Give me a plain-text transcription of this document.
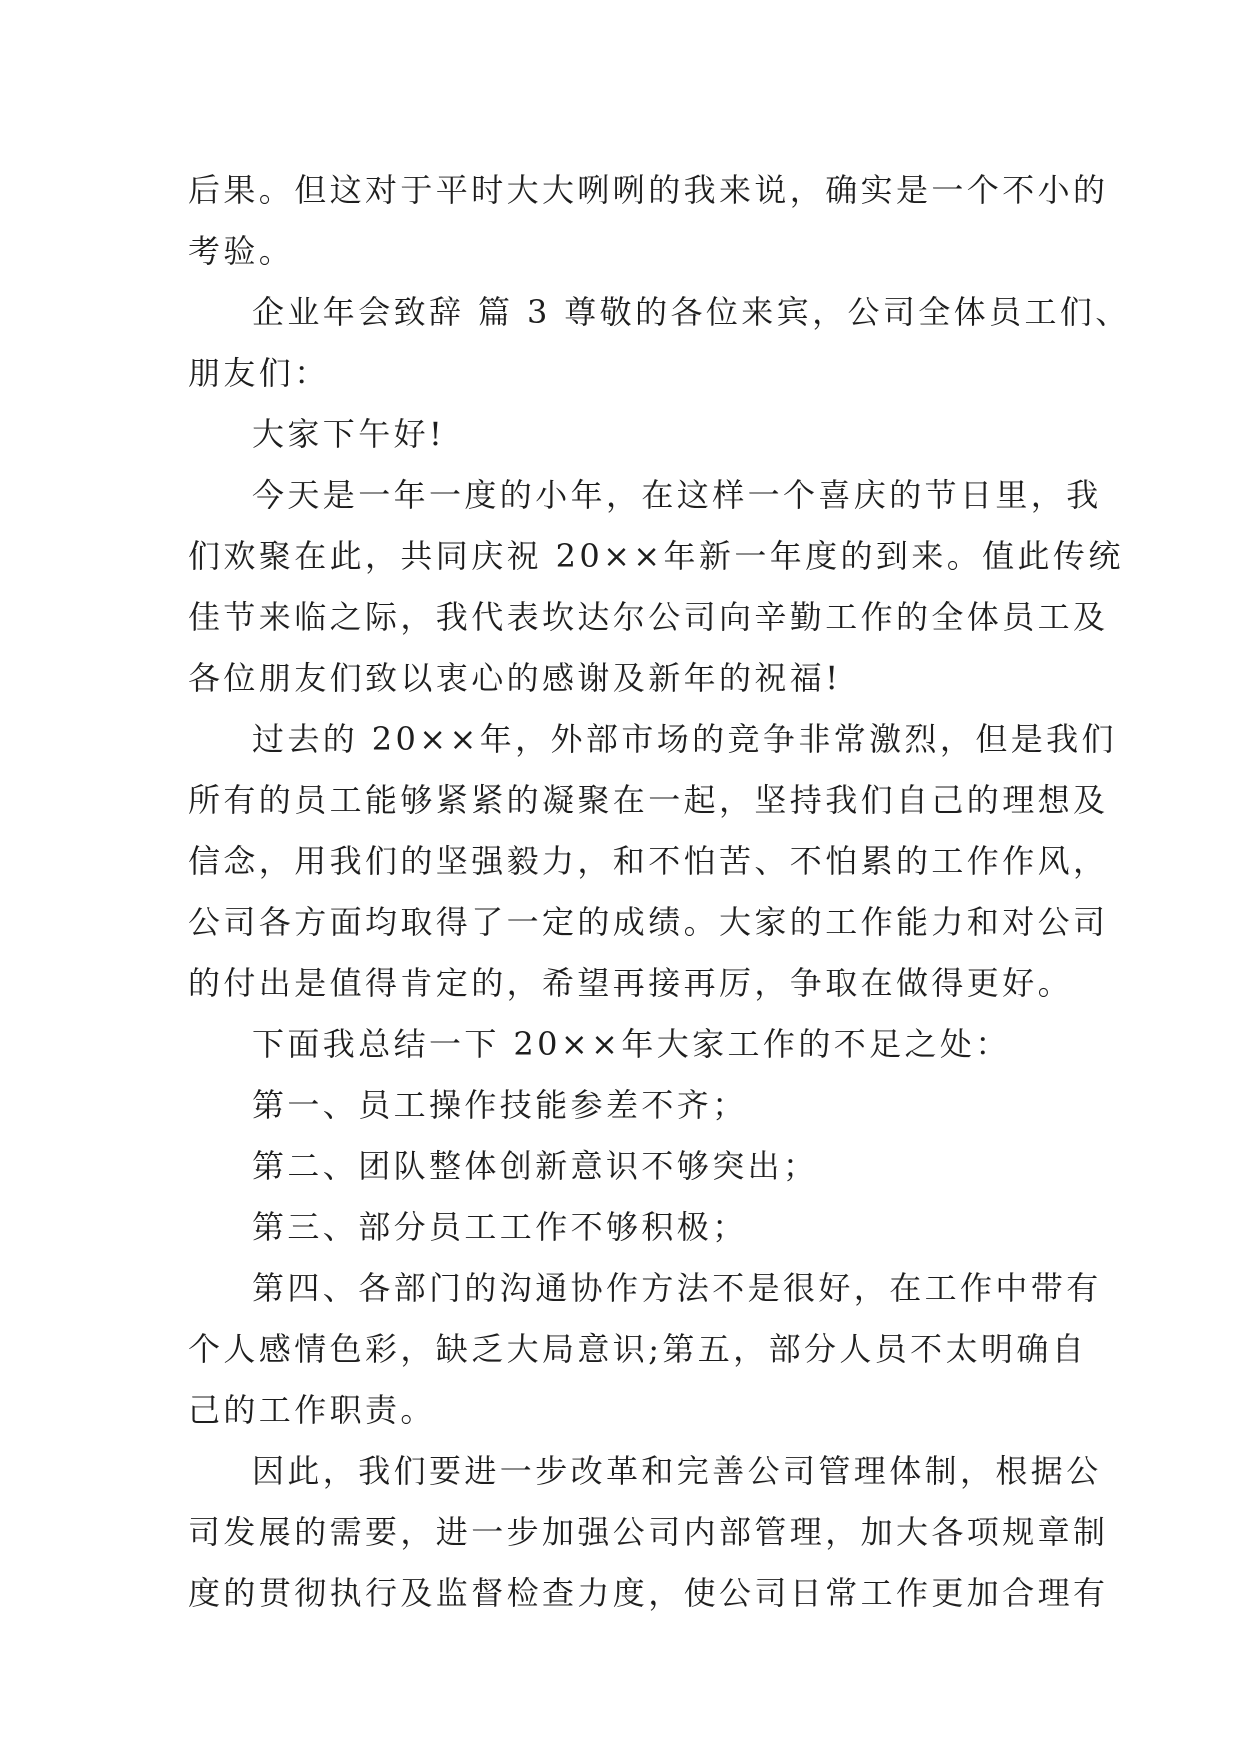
后果。但这对于平时大大咧咧的我来说，确实是一个不小的
考验。
企业年会致辞 篇 3 尊敬的各位来宾，公司全体员工们、
朋友们：
大家下午好!
今天是一年一度的小年，在这样一个喜庆的节日里，我
们欢聚在此，共同庆祝 20××年新一年度的到来。值此传统
佳节来临之际，我代表坎达尔公司向辛勤工作的全体员工及
各位朋友们致以衷心的感谢及新年的祝福!
过去的 20××年，外部市场的竞争非常激烈，但是我们
所有的员工能够紧紧的凝聚在一起，坚持我们自己的理想及
信念，用我们的坚强毅力，和不怕苦、不怕累的工作作风，
公司各方面均取得了一定的成绩。大家的工作能力和对公司
的付出是值得肯定的，希望再接再厉，争取在做得更好。
下面我总结一下 20××年大家工作的不足之处：
第一、员工操作技能参差不齐；
第二、团队整体创新意识不够突出；
第三、部分员工工作不够积极；
第四、各部门的沟通协作方法不是很好，在工作中带有
个人感情色彩，缺乏大局意识;第五，部分人员不太明确自
己的工作职责。
因此，我们要进一步改革和完善公司管理体制，根据公
司发展的需要，进一步加强公司内部管理，加大各项规章制
度的贯彻执行及监督检查力度，使公司日常工作更加合理有
